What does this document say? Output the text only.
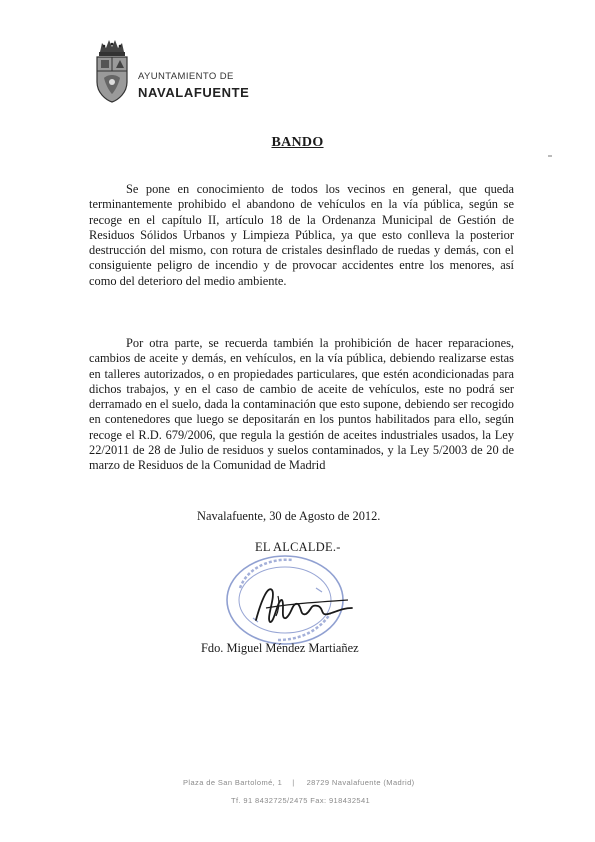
AYUNTAMIENTO DE
NAVALAFUENTE
BANDO

Se pone en conocimiento de todos los vecinos en general, que queda terminantemente prohibido el abandono de vehículos en la vía pública, según se recoge en el capítulo II, artículo 18 de la Ordenanza Municipal de Gestión de Residuos Sólidos Urbanos y Limpieza Pública, ya que esto conlleva la posterior destrucción del mismo, con rotura de cristales desinflado de ruedas y demás, con el consiguiente peligro de incendio y de provocar accidentes entre los menores, así como del deterioro del medio ambiente.

Por otra parte, se recuerda también la prohibición de hacer reparaciones, cambios de aceite y demás, en vehículos, en la vía pública, debiendo realizarse estas en talleres autorizados, o en propiedades particulares, que estén acondicionadas para dichos trabajos, y en el caso de cambio de aceite de vehículos, este no podrá ser derramado en el suelo, dada la contaminación que esto supone, debiendo ser recogido en contenedores que luego se depositarán en los puntos habilitados para ello, según recoge el R.D. 679/2006, que regula la gestión de aceites industriales usados, la Ley 22/2011 de 28 de Julio de residuos y suelos contaminados, y la Ley 5/2003 de 20 de marzo de Residuos de la Comunidad de Madrid

Navalafuente, 30 de Agosto de 2012.
EL ALCALDE.-
Fdo. Miguel Méndez Martiañez
Plaza de San Bartolomé, 1 | 28729 Navalafuente (Madrid)
Tf. 91 8432725/2475 Fax: 918432541
